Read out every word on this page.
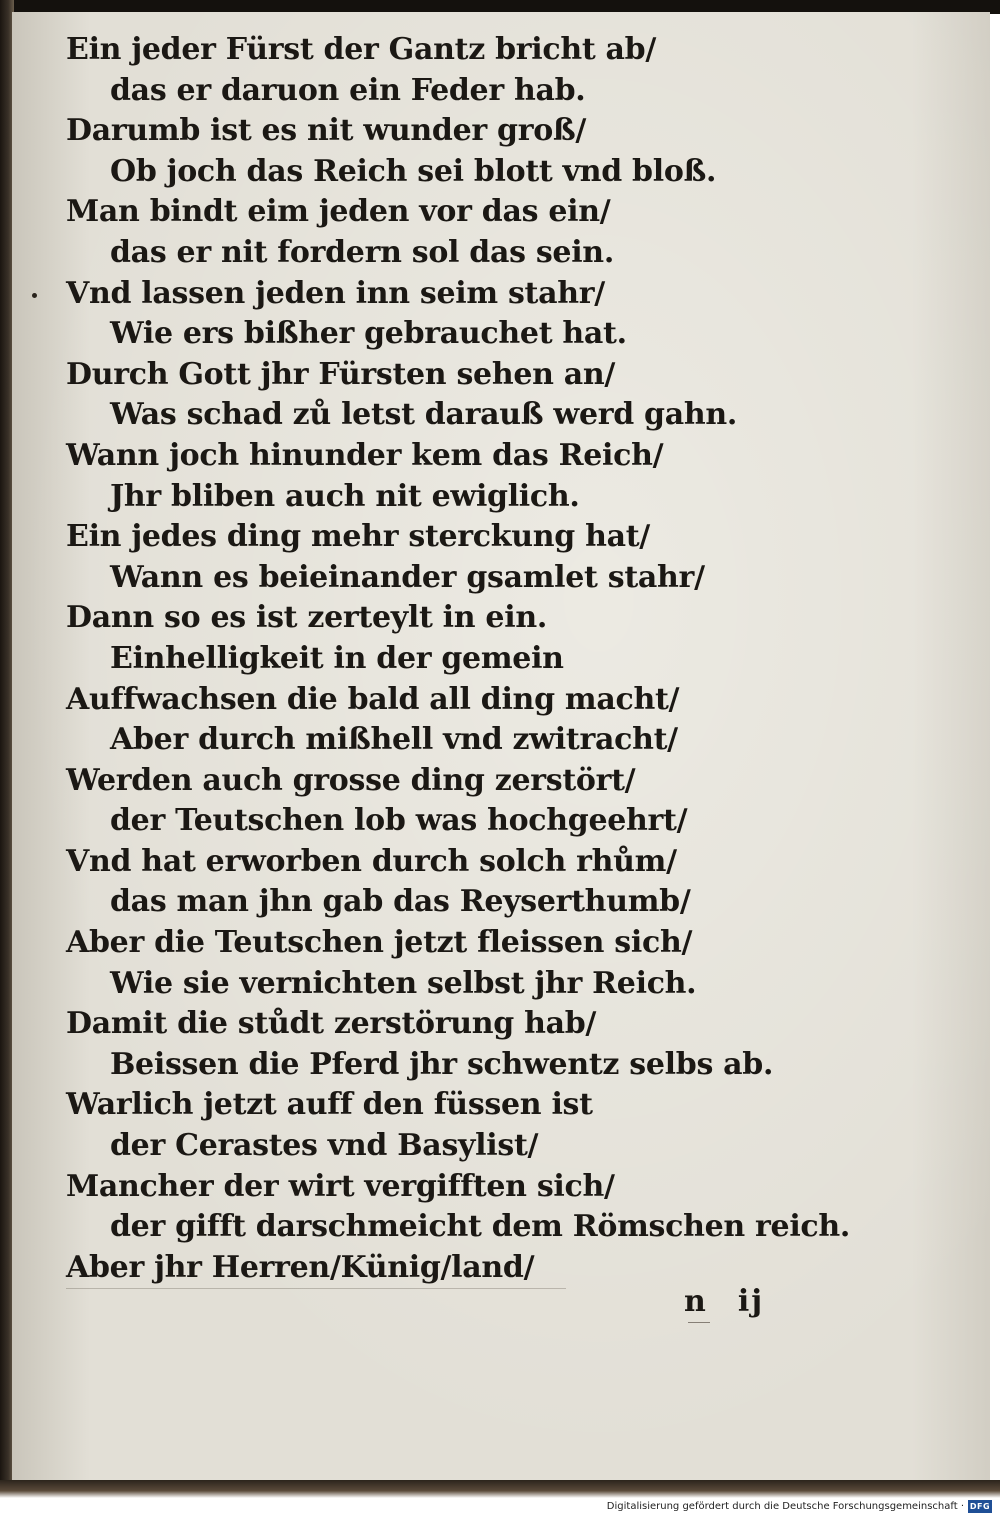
Ein jeder Fürst der Gantz bricht ab/
das er daruon ein Feder hab.
Darumb ist es nit wunder groß/
Ob joch das Reich sei blott vnd bloß.
Man bindt eim jeden vor das ein/
das er nit fordern sol das sein.
Vnd lassen jeden inn seim stahr/
Wie ers bißher gebrauchet hat.
Durch Gott jhr Fürsten sehen an/
Was schad zů letst darauß werd gahn.
Wann joch hinunder kem das Reich/
Jhr bliben auch nit ewiglich.
Ein jedes ding mehr sterckung hat/
Wann es beieinander gsamlet stahr/
Dann so es ist zerteylt in ein.
Einhelligkeit in der gemein
Auffwachsen die bald all ding macht/
Aber durch mißhell vnd zwitracht/
Werden auch grosse ding zerstört/
der Teutschen lob was hochgeehrt/
Vnd hat erworben durch solch rhům/
das man jhn gab das Reyserthumb/
Aber die Teutschen jetzt fleissen sich/
Wie sie vernichten selbst jhr Reich.
Damit die stůdt zerstörung hab/
Beissen die Pferd jhr schwentz selbs ab.
Warlich jetzt auff den füssen ist
der Cerastes vnd Basylist/
Mancher der wirt vergifften sich/
der gifft darschmeicht dem Römschen reich.
Aber jhr Herren/Künig/land/
n ij
Digitalisierung gefördert durch die Deutsche Forschungsgemeinschaft · DFG
